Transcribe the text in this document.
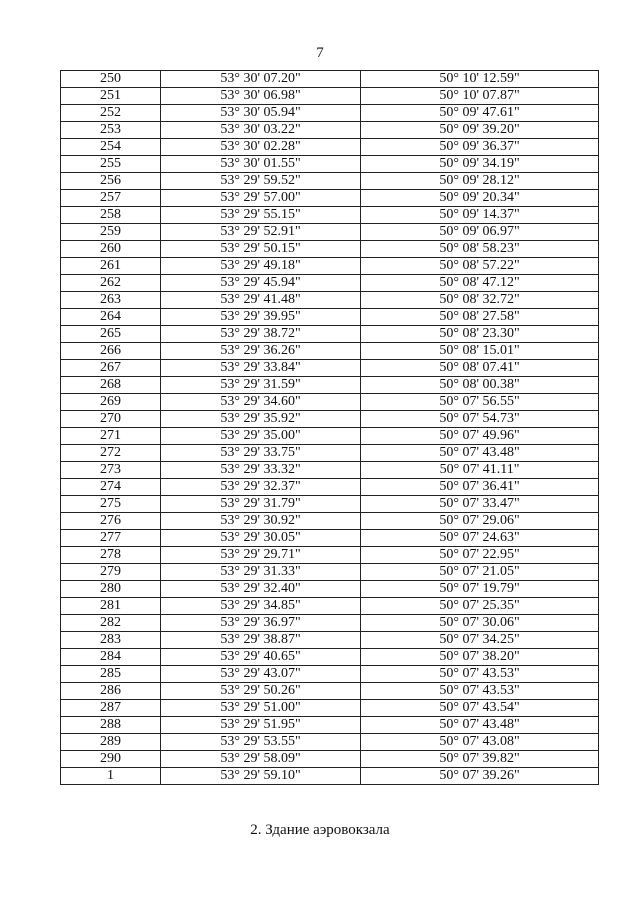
7
250	53° 30' 07.20"	50° 10' 12.59"
251	53° 30' 06.98"	50° 10' 07.87"
252	53° 30' 05.94"	50° 09' 47.61"
253	53° 30' 03.22"	50° 09' 39.20"
254	53° 30' 02.28"	50° 09' 36.37"
255	53° 30' 01.55"	50° 09' 34.19"
256	53° 29' 59.52"	50° 09' 28.12"
257	53° 29' 57.00"	50° 09' 20.34"
258	53° 29' 55.15"	50° 09' 14.37"
259	53° 29' 52.91"	50° 09' 06.97"
260	53° 29' 50.15"	50° 08' 58.23"
261	53° 29' 49.18"	50° 08' 57.22"
262	53° 29' 45.94"	50° 08' 47.12"
263	53° 29' 41.48"	50° 08' 32.72"
264	53° 29' 39.95"	50° 08' 27.58"
265	53° 29' 38.72"	50° 08' 23.30"
266	53° 29' 36.26"	50° 08' 15.01"
267	53° 29' 33.84"	50° 08' 07.41"
268	53° 29' 31.59"	50° 08' 00.38"
269	53° 29' 34.60"	50° 07' 56.55"
270	53° 29' 35.92"	50° 07' 54.73"
271	53° 29' 35.00"	50° 07' 49.96"
272	53° 29' 33.75"	50° 07' 43.48"
273	53° 29' 33.32"	50° 07' 41.11"
274	53° 29' 32.37"	50° 07' 36.41"
275	53° 29' 31.79"	50° 07' 33.47"
276	53° 29' 30.92"	50° 07' 29.06"
277	53° 29' 30.05"	50° 07' 24.63"
278	53° 29' 29.71"	50° 07' 22.95"
279	53° 29' 31.33"	50° 07' 21.05"
280	53° 29' 32.40"	50° 07' 19.79"
281	53° 29' 34.85"	50° 07' 25.35"
282	53° 29' 36.97"	50° 07' 30.06"
283	53° 29' 38.87"	50° 07' 34.25"
284	53° 29' 40.65"	50° 07' 38.20"
285	53° 29' 43.07"	50° 07' 43.53"
286	53° 29' 50.26"	50° 07' 43.53"
287	53° 29' 51.00"	50° 07' 43.54"
288	53° 29' 51.95"	50° 07' 43.48"
289	53° 29' 53.55"	50° 07' 43.08"
290	53° 29' 58.09"	50° 07' 39.82"
1	53° 29' 59.10"	50° 07' 39.26"
2. Здание аэровокзала
